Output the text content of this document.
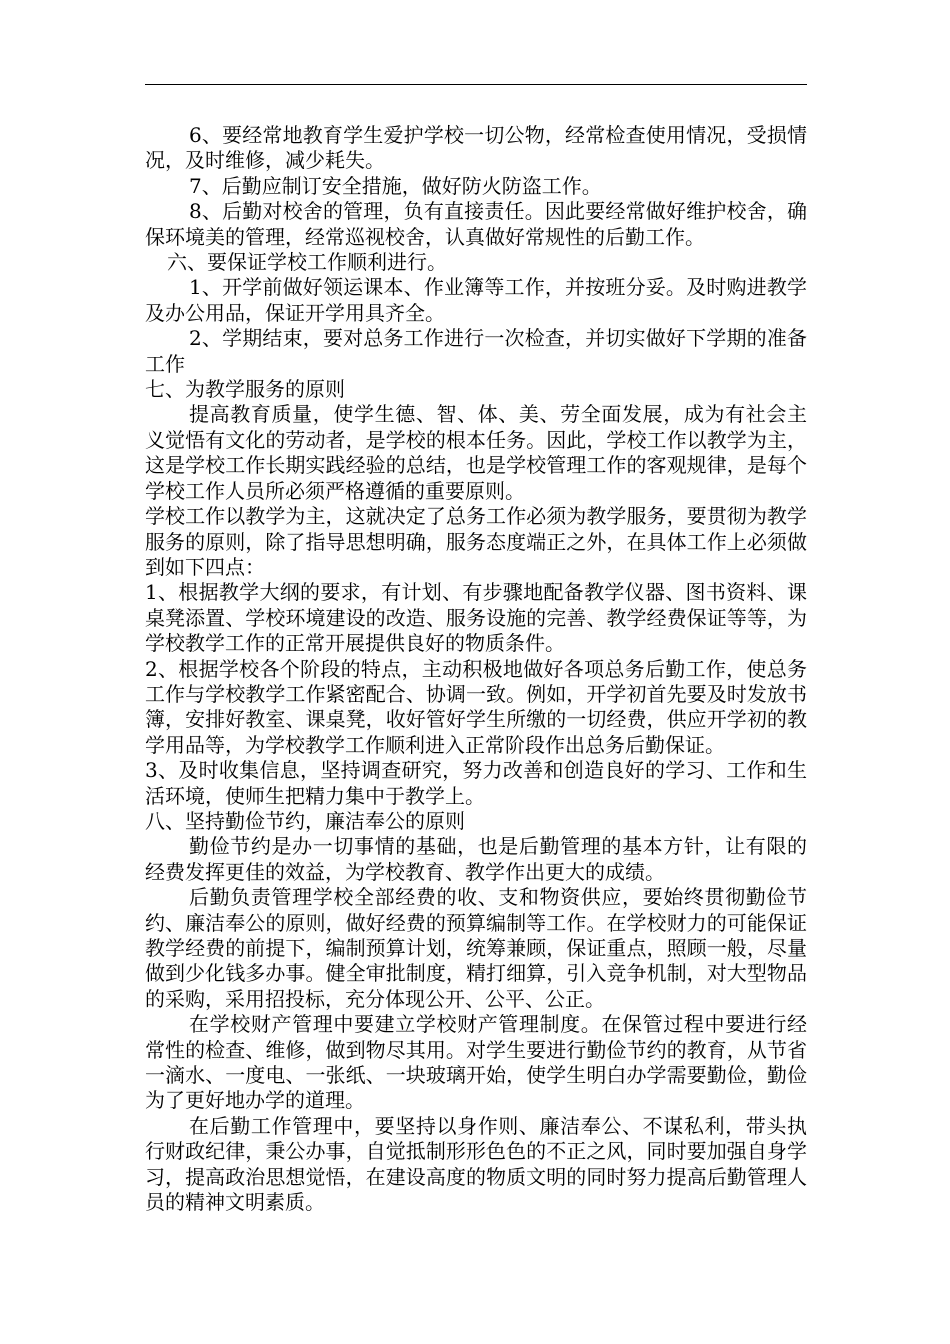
6、要经常地教育学生爱护学校一切公物，经常检查使用情况，受损情况，及时维修，减少耗失。

7、后勤应制订安全措施，做好防火防盗工作。

8、后勤对校舍的管理，负有直接责任。因此要经常做好维护校舍，确保环境美的管理，经常巡视校舍，认真做好常规性的后勤工作。

六、要保证学校工作顺利进行。

1、开学前做好领运课本、作业簿等工作，并按班分妥。及时购进教学及办公用品，保证开学用具齐全。

2、学期结束，要对总务工作进行一次检查，并切实做好下学期的准备工作

七、为教学服务的原则

提高教育质量，使学生德、智、体、美、劳全面发展，成为有社会主义觉悟有文化的劳动者，是学校的根本任务。因此，学校工作以教学为主，这是学校工作长期实践经验的总结，也是学校管理工作的客观规律，是每个学校工作人员所必须严格遵循的重要原则。

学校工作以教学为主，这就决定了总务工作必须为教学服务，要贯彻为教学服务的原则，除了指导思想明确，服务态度端正之外，在具体工作上必须做到如下四点：

1、根据教学大纲的要求，有计划、有步骤地配备教学仪器、图书资料、课桌凳添置、学校环境建设的改造、服务设施的完善、教学经费保证等等，为学校教学工作的正常开展提供良好的物质条件。

2、根据学校各个阶段的特点，主动积极地做好各项总务后勤工作，使总务工作与学校教学工作紧密配合、协调一致。例如，开学初首先要及时发放书簿，安排好教室、课桌凳，收好管好学生所缴的一切经费，供应开学初的教学用品等，为学校教学工作顺利进入正常阶段作出总务后勤保证。

3、及时收集信息，坚持调查研究，努力改善和创造良好的学习、工作和生活环境，使师生把精力集中于教学上。

八、坚持勤俭节约，廉洁奉公的原则

勤俭节约是办一切事情的基础，也是后勤管理的基本方针，让有限的经费发挥更佳的效益，为学校教育、教学作出更大的成绩。

后勤负责管理学校全部经费的收、支和物资供应，要始终贯彻勤俭节约、廉洁奉公的原则，做好经费的预算编制等工作。在学校财力的可能保证教学经费的前提下，编制预算计划，统筹兼顾，保证重点，照顾一般，尽量做到少化钱多办事。健全审批制度，精打细算，引入竞争机制，对大型物品的采购，采用招投标，充分体现公开、公平、公正。

在学校财产管理中要建立学校财产管理制度。在保管过程中要进行经常性的检查、维修，做到物尽其用。对学生要进行勤俭节约的教育，从节省一滴水、一度电、一张纸、一块玻璃开始，使学生明白办学需要勤俭，勤俭为了更好地办学的道理。

在后勤工作管理中，要坚持以身作则、廉洁奉公、不谋私利，带头执行财政纪律，秉公办事，自觉抵制形形色色的不正之风，同时要加强自身学习，提高政治思想觉悟，在建设高度的物质文明的同时努力提高后勤管理人员的精神文明素质。
